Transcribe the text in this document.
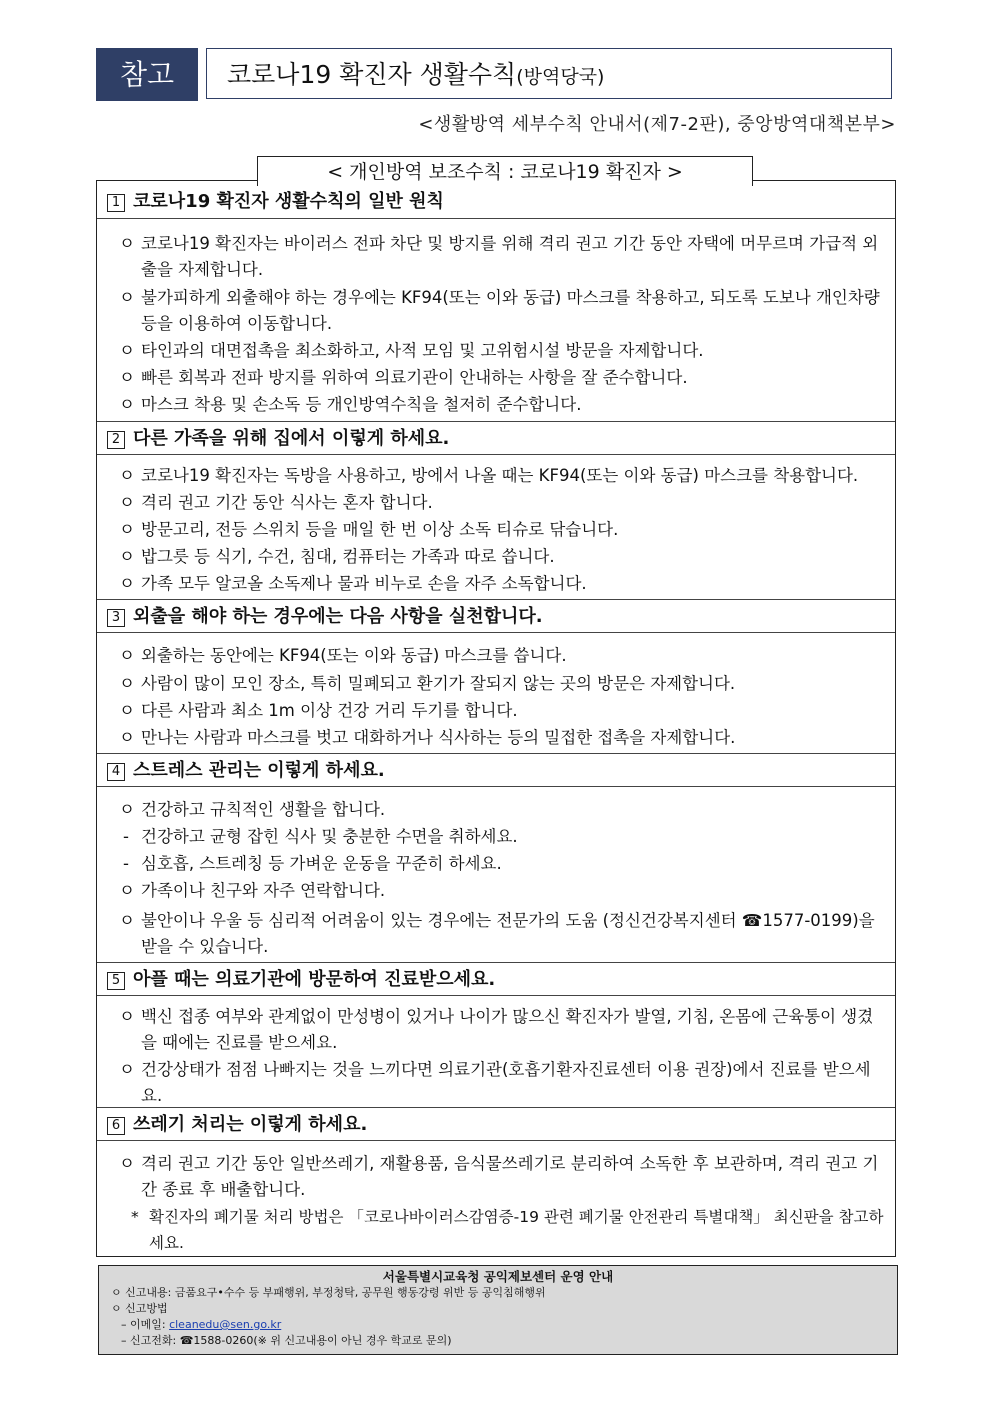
참고	코로나19 확진자 생활수칙(방역당국)
<생활방역 세부수칙 안내서(제7-2판), 중앙방역대책본부>
< 개인방역 보조수칙 : 코로나19 확진자 >
1 코로나19 확진자 생활수칙의 일반 원칙
ㅇ 코로나19 확진자는 바이러스 전파 차단 및 방지를 위해 격리 권고 기간 동안 자택에 머무르며 가급적 외출을 자제합니다.
ㅇ 불가피하게 외출해야 하는 경우에는 KF94(또는 이와 동급) 마스크를 착용하고, 되도록 도보나 개인차량 등을 이용하여 이동합니다.
ㅇ 타인과의 대면접촉을 최소화하고, 사적 모임 및 고위험시설 방문을 자제합니다.
ㅇ 빠른 회복과 전파 방지를 위하여 의료기관이 안내하는 사항을 잘 준수합니다.
ㅇ 마스크 착용 및 손소독 등 개인방역수칙을 철저히 준수합니다.
2 다른 가족을 위해 집에서 이렇게 하세요.
ㅇ 코로나19 확진자는 독방을 사용하고, 방에서 나올 때는 KF94(또는 이와 동급) 마스크를 착용합니다.
ㅇ 격리 권고 기간 동안 식사는 혼자 합니다.
ㅇ 방문고리, 전등 스위치 등을 매일 한 번 이상 소독 티슈로 닦습니다.
ㅇ 밥그릇 등 식기, 수건, 침대, 컴퓨터는 가족과 따로 씁니다.
ㅇ 가족 모두 알코올 소독제나 물과 비누로 손을 자주 소독합니다.
3 외출을 해야 하는 경우에는 다음 사항을 실천합니다.
ㅇ 외출하는 동안에는 KF94(또는 이와 동급) 마스크를 씁니다.
ㅇ 사람이 많이 모인 장소, 특히 밀폐되고 환기가 잘되지 않는 곳의 방문은 자제합니다.
ㅇ 다른 사람과 최소 1m 이상 건강 거리 두기를 합니다.
ㅇ 만나는 사람과 마스크를 벗고 대화하거나 식사하는 등의 밀접한 접촉을 자제합니다.
4 스트레스 관리는 이렇게 하세요.
ㅇ 건강하고 규칙적인 생활을 합니다.
- 건강하고 균형 잡힌 식사 및 충분한 수면을 취하세요.
- 심호흡, 스트레칭 등 가벼운 운동을 꾸준히 하세요.
ㅇ 가족이나 친구와 자주 연락합니다.
ㅇ 불안이나 우울 등 심리적 어려움이 있는 경우에는 전문가의 도움 (정신건강복지센터 ☎1577-0199)을 받을 수 있습니다.
5 아플 때는 의료기관에 방문하여 진료받으세요.
ㅇ 백신 접종 여부와 관계없이 만성병이 있거나 나이가 많으신 확진자가 발열, 기침, 온몸에 근육통이 생겼을 때에는 진료를 받으세요.
ㅇ 건강상태가 점점 나빠지는 것을 느끼다면 의료기관(호흡기환자진료센터 이용 권장)에서 진료를 받으세요.
6 쓰레기 처리는 이렇게 하세요.
ㅇ 격리 권고 기간 동안 일반쓰레기, 재활용품, 음식물쓰레기로 분리하여 소독한 후 보관하며, 격리 권고 기간 종료 후 배출합니다.
* 확진자의 폐기물 처리 방법은 「코로나바이러스감염증-19 관련 폐기물 안전관리 특별대책」 최신판을 참고하세요.
서울특별시교육청 공익제보센터 운영 안내
ㅇ 신고내용: 금품요구•수수 등 부패행위, 부정청탁, 공무원 행동강령 위반 등 공익침해행위
ㅇ 신고방법
– 이메일: cleanedu@sen.go.kr
– 신고전화: ☎1588-0260(※ 위 신고내용이 아닌 경우 학교로 문의)
